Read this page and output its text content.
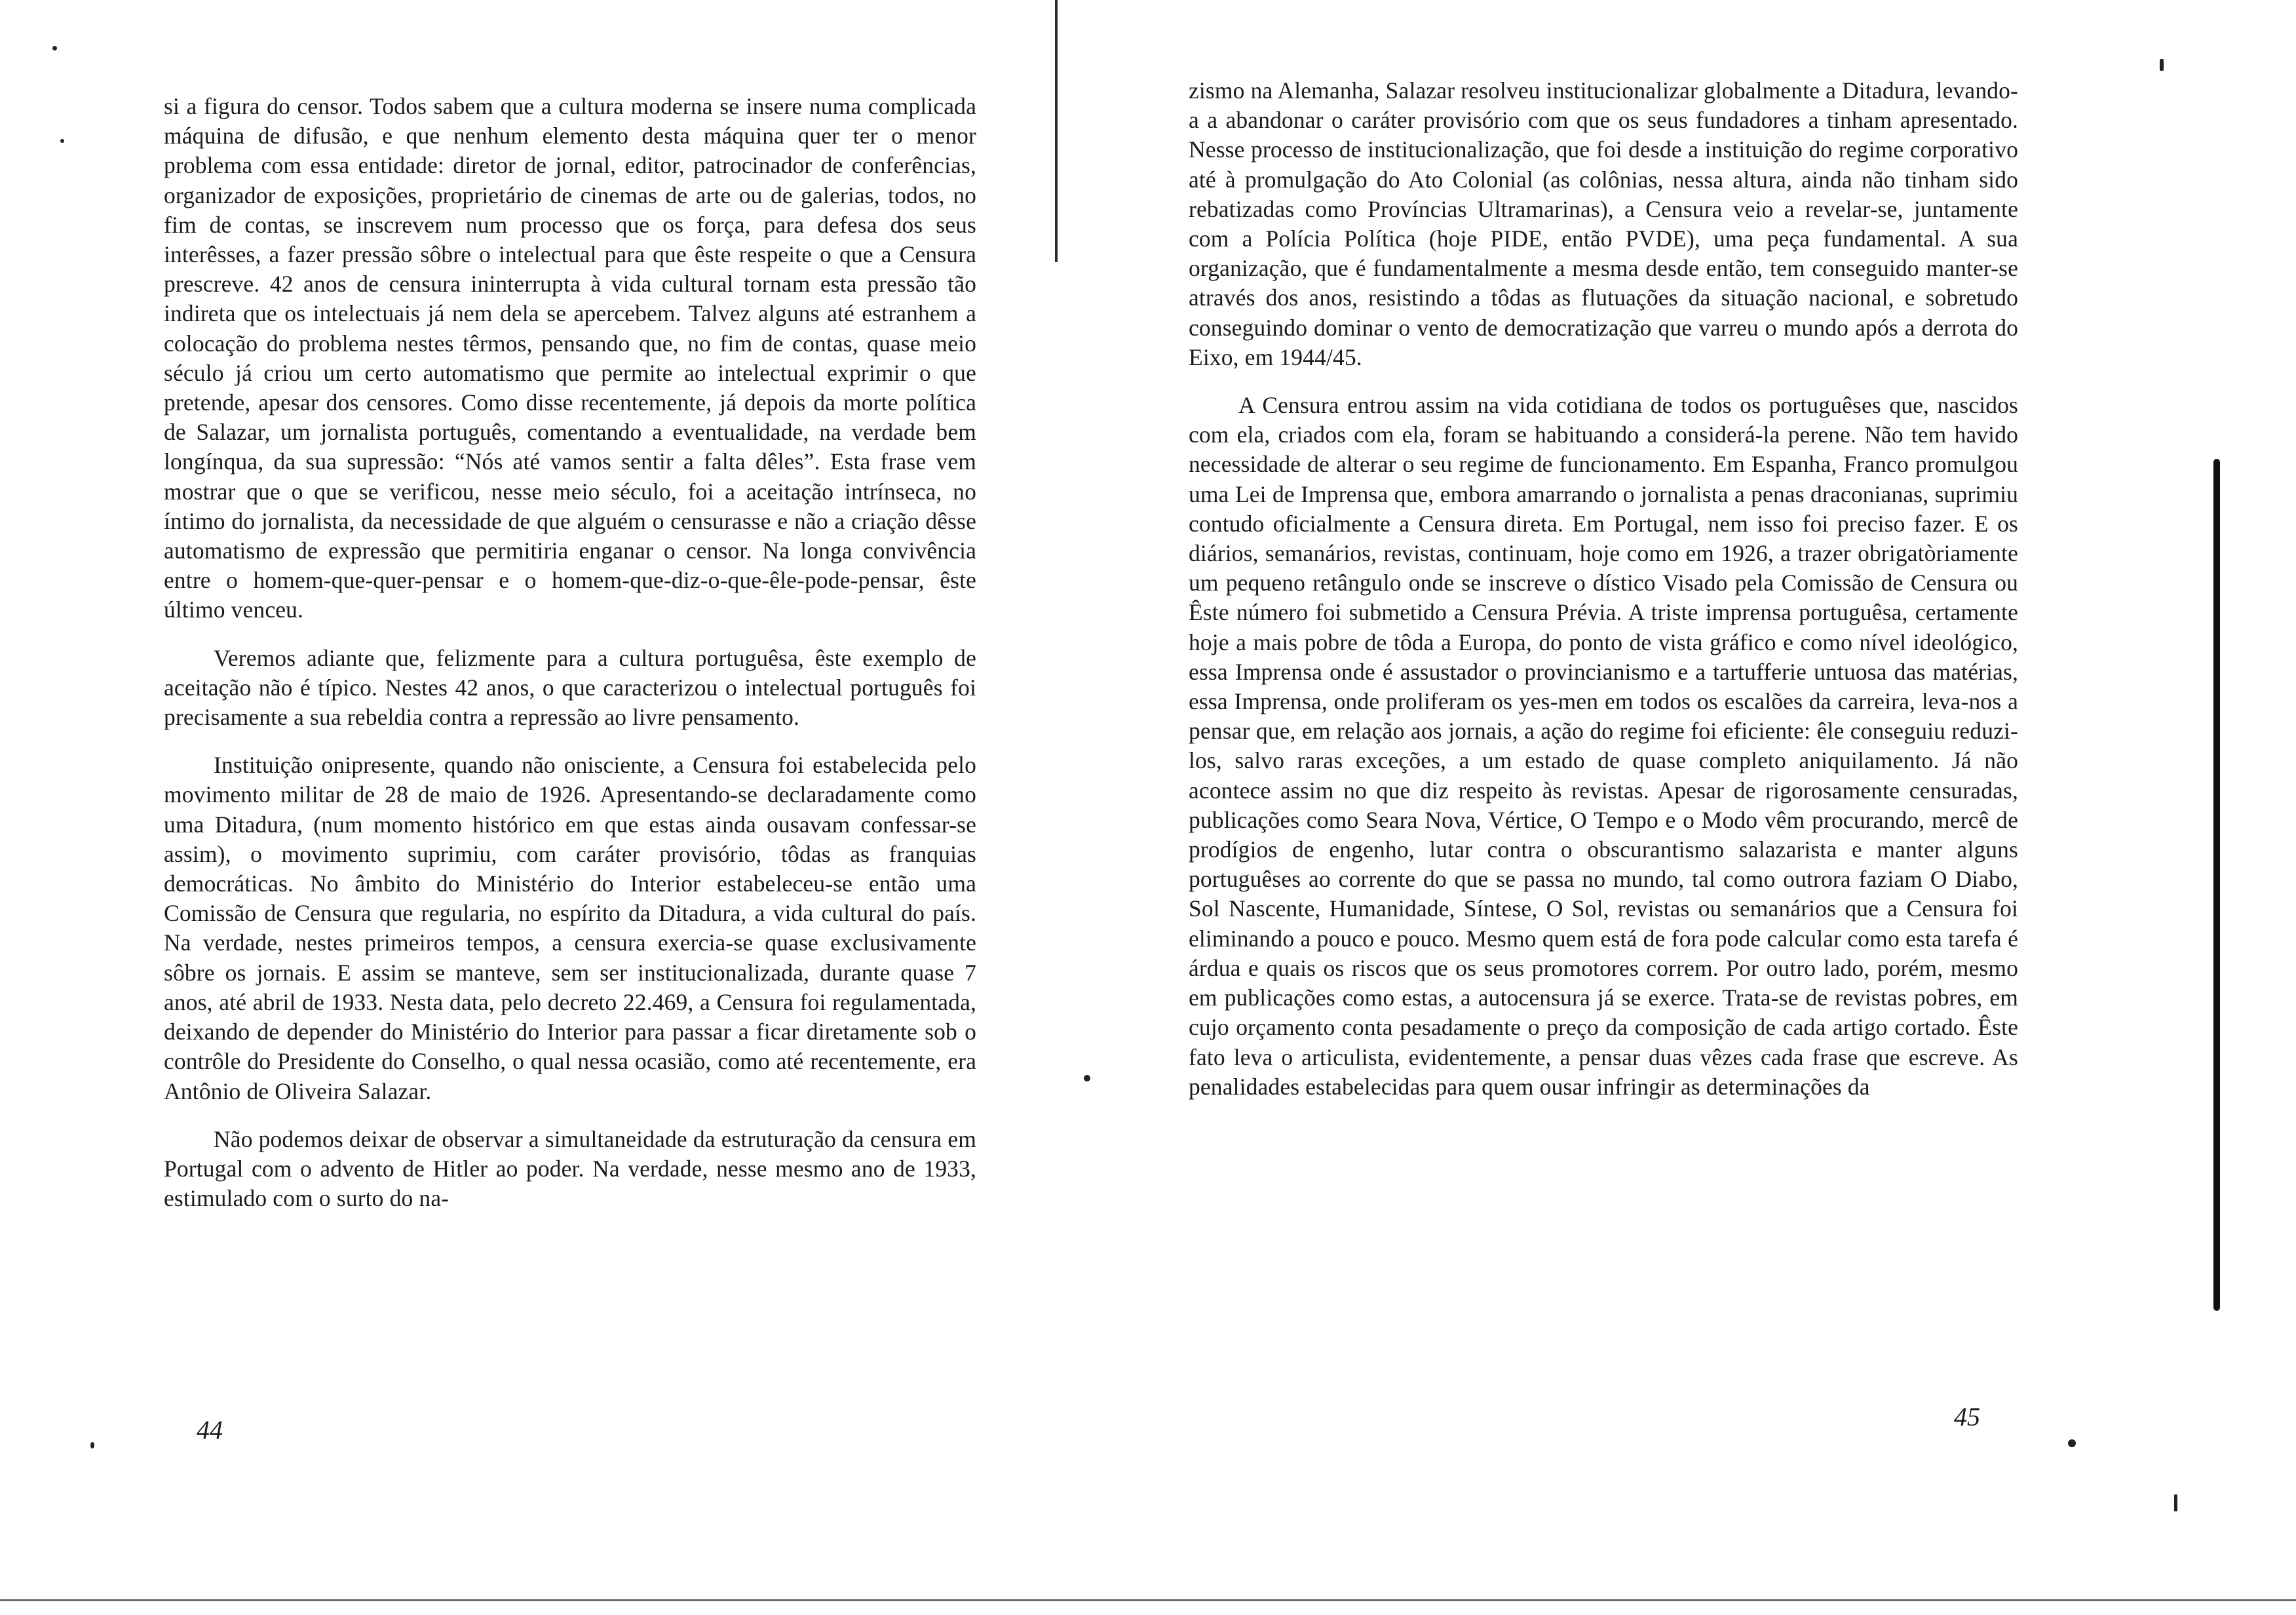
si a figura do censor. Todos sabem que a cultura moderna se insere numa complicada máquina de difusão, e que nenhum elemento desta máquina quer ter o menor problema com essa entidade: diretor de jornal, editor, patrocinador de conferências, organizador de exposições, proprietário de cinemas de arte ou de galerias, todos, no fim de contas, se inscrevem num processo que os força, para defesa dos seus interêsses, a fazer pressão sôbre o intelectual para que êste respeite o que a Censura prescreve. 42 anos de censura ininterrupta à vida cultural tornam esta pressão tão indireta que os intelectuais já nem dela se apercebem. Talvez alguns até estranhem a colocação do problema nestes têrmos, pensando que, no fim de contas, quase meio século já criou um certo automatismo que permite ao intelectual exprimir o que pretende, apesar dos censores. Como disse recentemente, já depois da morte política de Salazar, um jornalista português, comentando a eventualidade, na verdade bem longínqua, da sua supressão: “Nós até vamos sentir a falta dêles”. Esta frase vem mostrar que o que se verificou, nesse meio século, foi a aceitação intrínseca, no íntimo do jornalista, da necessidade de que alguém o censurasse e não a criação dêsse automatismo de expressão que permitiria enganar o censor. Na longa convivência entre o homem-que-quer-pensar e o homem-que-diz-o-que-êle-pode-pensar, êste último venceu.

Veremos adiante que, felizmente para a cultura portuguêsa, êste exemplo de aceitação não é típico. Nestes 42 anos, o que caracterizou o intelectual português foi precisamente a sua rebeldia contra a repressão ao livre pensamento.

Instituição onipresente, quando não onisciente, a Censura foi estabelecida pelo movimento militar de 28 de maio de 1926. Apresentando-se declaradamente como uma Ditadura, (num momento histórico em que estas ainda ousavam confessar-se assim), o movimento suprimiu, com caráter provisório, tôdas as franquias democráticas. No âmbito do Ministério do Interior estabeleceu-se então uma Comissão de Censura que regularia, no espírito da Ditadura, a vida cultural do país. Na verdade, nestes primeiros tempos, a censura exercia-se quase exclusivamente sôbre os jornais. E assim se manteve, sem ser institucionalizada, durante quase 7 anos, até abril de 1933. Nesta data, pelo decreto 22.469, a Censura foi regulamentada, deixando de depender do Ministério do Interior para passar a ficar diretamente sob o contrôle do Presidente do Conselho, o qual nessa ocasião, como até recentemente, era Antônio de Oliveira Salazar.

Não podemos deixar de observar a simultaneidade da estruturação da censura em Portugal com o advento de Hitler ao poder. Na verdade, nesse mesmo ano de 1933, estimulado com o surto do na-

44

zismo na Alemanha, Salazar resolveu institucionalizar globalmente a Ditadura, levando-a a abandonar o caráter provisório com que os seus fundadores a tinham apresentado. Nesse processo de institucionalização, que foi desde a instituição do regime corporativo até à promulgação do Ato Colonial (as colônias, nessa altura, ainda não tinham sido rebatizadas como Províncias Ultramarinas), a Censura veio a revelar-se, juntamente com a Polícia Política (hoje PIDE, então PVDE), uma peça fundamental. A sua organização, que é fundamentalmente a mesma desde então, tem conseguido manter-se através dos anos, resistindo a tôdas as flutuações da situação nacional, e sobretudo conseguindo dominar o vento de democratização que varreu o mundo após a derrota do Eixo, em 1944/45.

A Censura entrou assim na vida cotidiana de todos os portuguêses que, nascidos com ela, criados com ela, foram se habituando a considerá-la perene. Não tem havido necessidade de alterar o seu regime de funcionamento. Em Espanha, Franco promulgou uma Lei de Imprensa que, embora amarrando o jornalista a penas draconianas, suprimiu contudo oficialmente a Censura direta. Em Portugal, nem isso foi preciso fazer. E os diários, semanários, revistas, continuam, hoje como em 1926, a trazer obrigatòriamente um pequeno retângulo onde se inscreve o dístico Visado pela Comissão de Censura ou Êste número foi submetido a Censura Prévia. A triste imprensa portuguêsa, certamente hoje a mais pobre de tôda a Europa, do ponto de vista gráfico e como nível ideológico, essa Imprensa onde é assustador o provincianismo e a tartufferie untuosa das matérias, essa Imprensa, onde proliferam os yes-men em todos os escalões da carreira, leva-nos a pensar que, em relação aos jornais, a ação do regime foi eficiente: êle conseguiu reduzi-los, salvo raras exceções, a um estado de quase completo aniquilamento. Já não acontece assim no que diz respeito às revistas. Apesar de rigorosamente censuradas, publicações como Seara Nova, Vértice, O Tempo e o Modo vêm procurando, mercê de prodígios de engenho, lutar contra o obscurantismo salazarista e manter alguns portuguêses ao corrente do que se passa no mundo, tal como outrora faziam O Diabo, Sol Nascente, Humanidade, Síntese, O Sol, revistas ou semanários que a Censura foi eliminando a pouco e pouco. Mesmo quem está de fora pode calcular como esta tarefa é árdua e quais os riscos que os seus promotores correm. Por outro lado, porém, mesmo em publicações como estas, a autocensura já se exerce. Trata-se de revistas pobres, em cujo orçamento conta pesadamente o preço da composição de cada artigo cortado. Êste fato leva o articulista, evidentemente, a pensar duas vêzes cada frase que escreve. As penalidades estabelecidas para quem ousar infringir as determinações da

45
